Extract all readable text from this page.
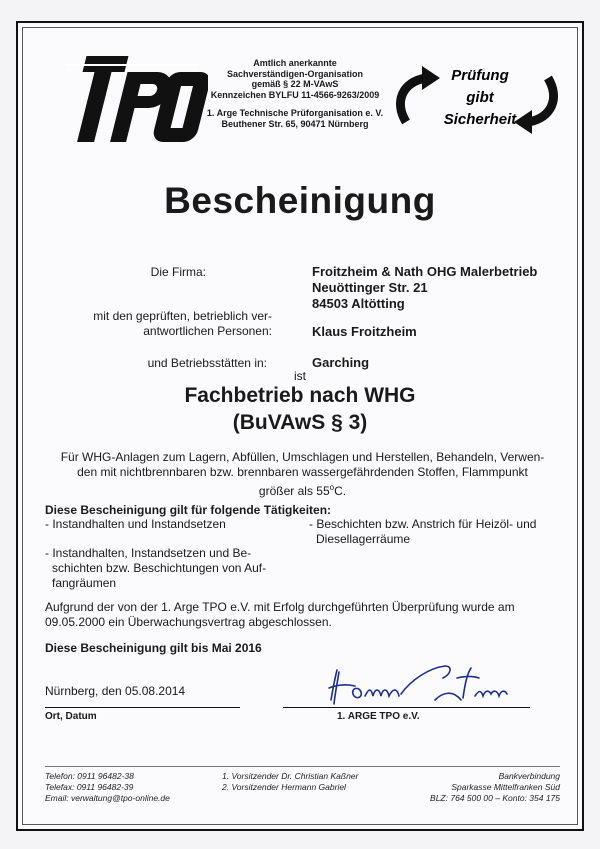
TPO
Amtlich anerkannte
Sachverständigen-Organisation
gemäß § 22 M-VAwS
Kennzeichen BYLFU 11-4566-9263/2009
1. Arge Technische Prüforganisation e. V.
Beuthener Str. 65, 90471 Nürnberg
Prüfung
gibt
Sicherheit
Bescheinigung
Die Firma:	Froitzheim & Nath OHG Malerbetrieb
Neuöttinger Str. 21
84503 Altötting
mit den geprüften, betrieblich ver-
antwortlichen Personen:	Klaus Froitzheim
und Betriebsstätten in:	Garching
ist
Fachbetrieb nach WHG
(BuVAwS § 3)
Für WHG-Anlagen zum Lagern, Abfüllen, Umschlagen und Herstellen, Behandeln, Verwen-
den mit nichtbrennbaren bzw. brennbaren wassergefährdenden Stoffen, Flammpunkt
größer als 55$^o$C.
Diese Bescheinigung gilt für folgende Tätigkeiten:
- Instandhalten und Instandsetzen	- Beschichten bzw. Anstrich für Heizöl- und
Diesellagerräume
- Instandhalten, Instandsetzen und Be-
schichten bzw. Beschichtungen von Auf-
fangräumen
Aufgrund der von der 1. Arge TPO e.V. mit Erfolg durchgeführten Überprüfung wurde am
09.05.2000 ein Überwachungsvertrag abgeschlossen.
Diese Bescheinigung gilt bis Mai 2016
Nürnberg, den 05.08.2014
Ort, Datum	1. ARGE TPO e.V.
Telefon: 0911 96482-38
Telefax: 0911 96482-39
Email: verwaltung@tpo-online.de
1. Vorsitzender Dr. Christian Kaßner
2. Vorsitzender Hermann Gabriel
Bankverbindung
Sparkasse Mittelfranken Süd
BLZ: 764 500 00 – Konto: 354 175
